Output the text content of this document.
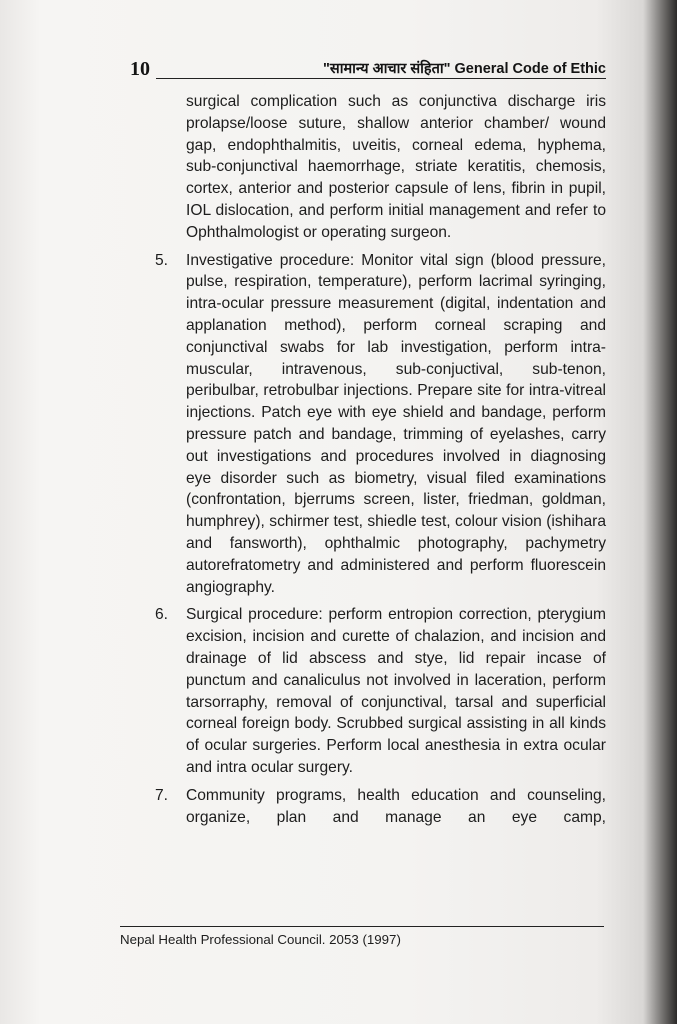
10	"सामान्य आचार संहिता" General Code of Ethic
surgical complication such as conjunctiva discharge iris prolapse/loose suture, shallow anterior chamber/ wound gap, endophthalmitis, uveitis, corneal edema, hyphema, sub-conjunctival haemorrhage, striate keratitis, chemosis, cortex, anterior and posterior capsule of lens, fibrin in pupil, IOL dislocation, and perform initial management and refer to Ophthalmologist or operating surgeon.
5.	Investigative procedure: Monitor vital sign (blood pressure, pulse, respiration, temperature), perform lacrimal syringing, intra-ocular pressure measurement (digital, indentation and applanation method), perform corneal scraping and conjunctival swabs for lab investigation, perform intra-muscular, intravenous, sub-conjuctival, sub-tenon, peribulbar, retrobulbar injections. Prepare site for intra-vitreal injections. Patch eye with eye shield and bandage, perform pressure patch and bandage, trimming of eyelashes, carry out investigations and procedures involved in diagnosing eye disorder such as biometry, visual filed examinations (confrontation, bjerrums screen, lister, friedman, goldman, humphrey), schirmer test, shiedle test, colour vision (ishihara and fansworth), ophthalmic photography, pachymetry autorefratometry and administered and perform fluorescein angiography.
6.	Surgical procedure: perform entropion correction, pterygium excision, incision and curette of chalazion, and incision and drainage of lid abscess and stye, lid repair incase of punctum and canaliculus not involved in laceration, perform tarsorraphy, removal of conjunctival, tarsal and superficial corneal foreign body. Scrubbed surgical assisting in all kinds of ocular surgeries. Perform local anesthesia in extra ocular and intra ocular surgery.
7.	Community programs, health education and counseling, organize, plan and manage an eye camp,
Nepal Health Professional Council. 2053 (1997)
